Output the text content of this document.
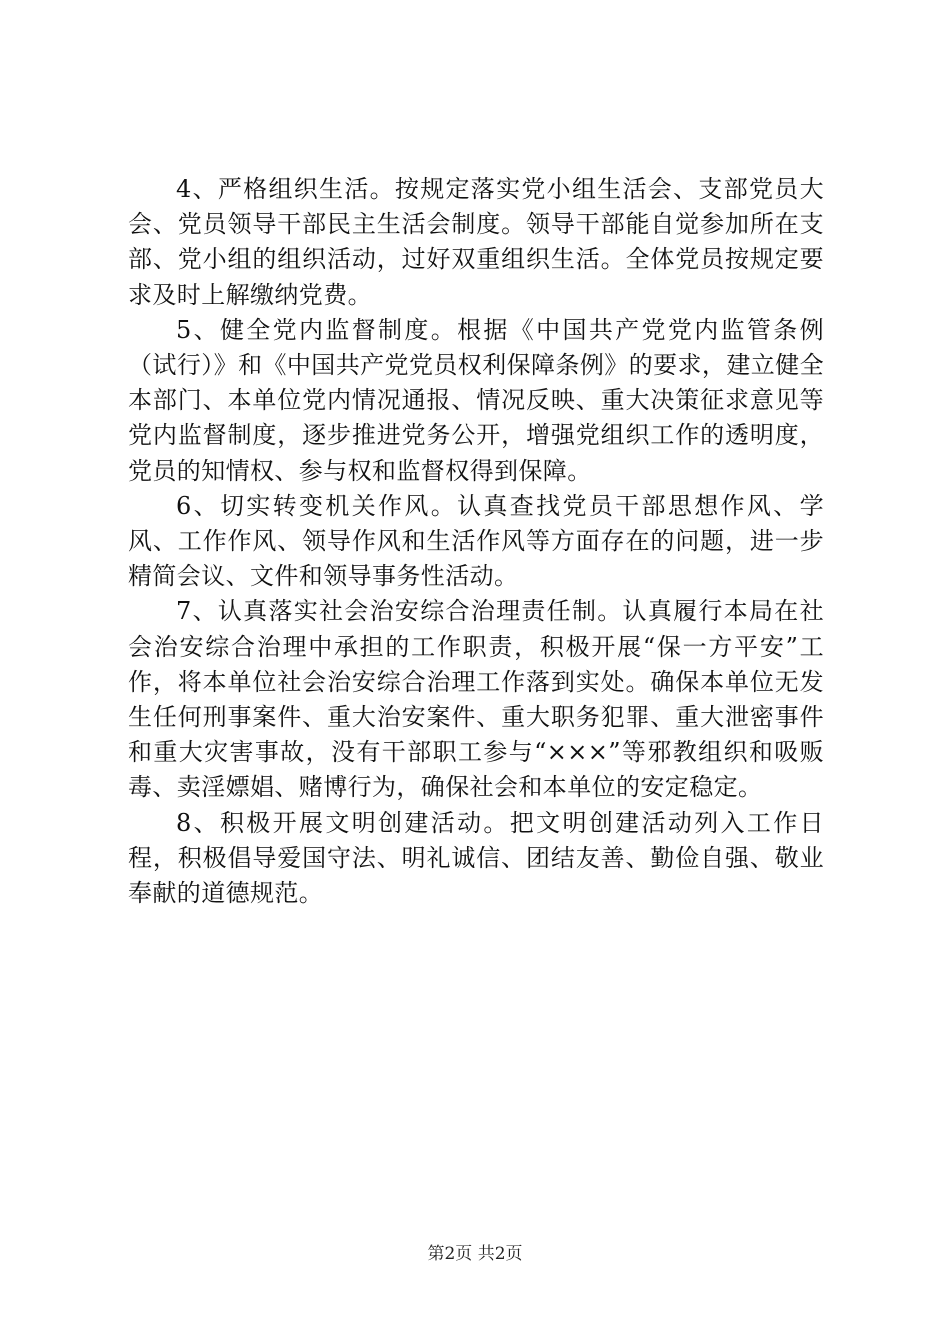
4、严格组织生活。按规定落实党小组生活会、支部党员大会、党员领导干部民主生活会制度。领导干部能自觉参加所在支部、党小组的组织活动，过好双重组织生活。全体党员按规定要求及时上解缴纳党费。

5、健全党内监督制度。根据《中国共产党党内监管条例（试行）》和《中国共产党党员权利保障条例》的要求，建立健全本部门、本单位党内情况通报、情况反映、重大决策征求意见等党内监督制度，逐步推进党务公开，增强党组织工作的透明度，党员的知情权、参与权和监督权得到保障。

6、切实转变机关作风。认真查找党员干部思想作风、学风、工作作风、领导作风和生活作风等方面存在的问题，进一步精简会议、文件和领导事务性活动。

7、认真落实社会治安综合治理责任制。认真履行本局在社会治安综合治理中承担的工作职责，积极开展“保一方平安”工作，将本单位社会治安综合治理工作落到实处。确保本单位无发生任何刑事案件、重大治安案件、重大职务犯罪、重大泄密事件和重大灾害事故，没有干部职工参与“×××”等邪教组织和吸贩毒、卖淫嫖娼、赌博行为，确保社会和本单位的安定稳定。

8、积极开展文明创建活动。把文明创建活动列入工作日程，积极倡导爱国守法、明礼诚信、团结友善、勤俭自强、敬业奉献的道德规范。

第2页 共2页
